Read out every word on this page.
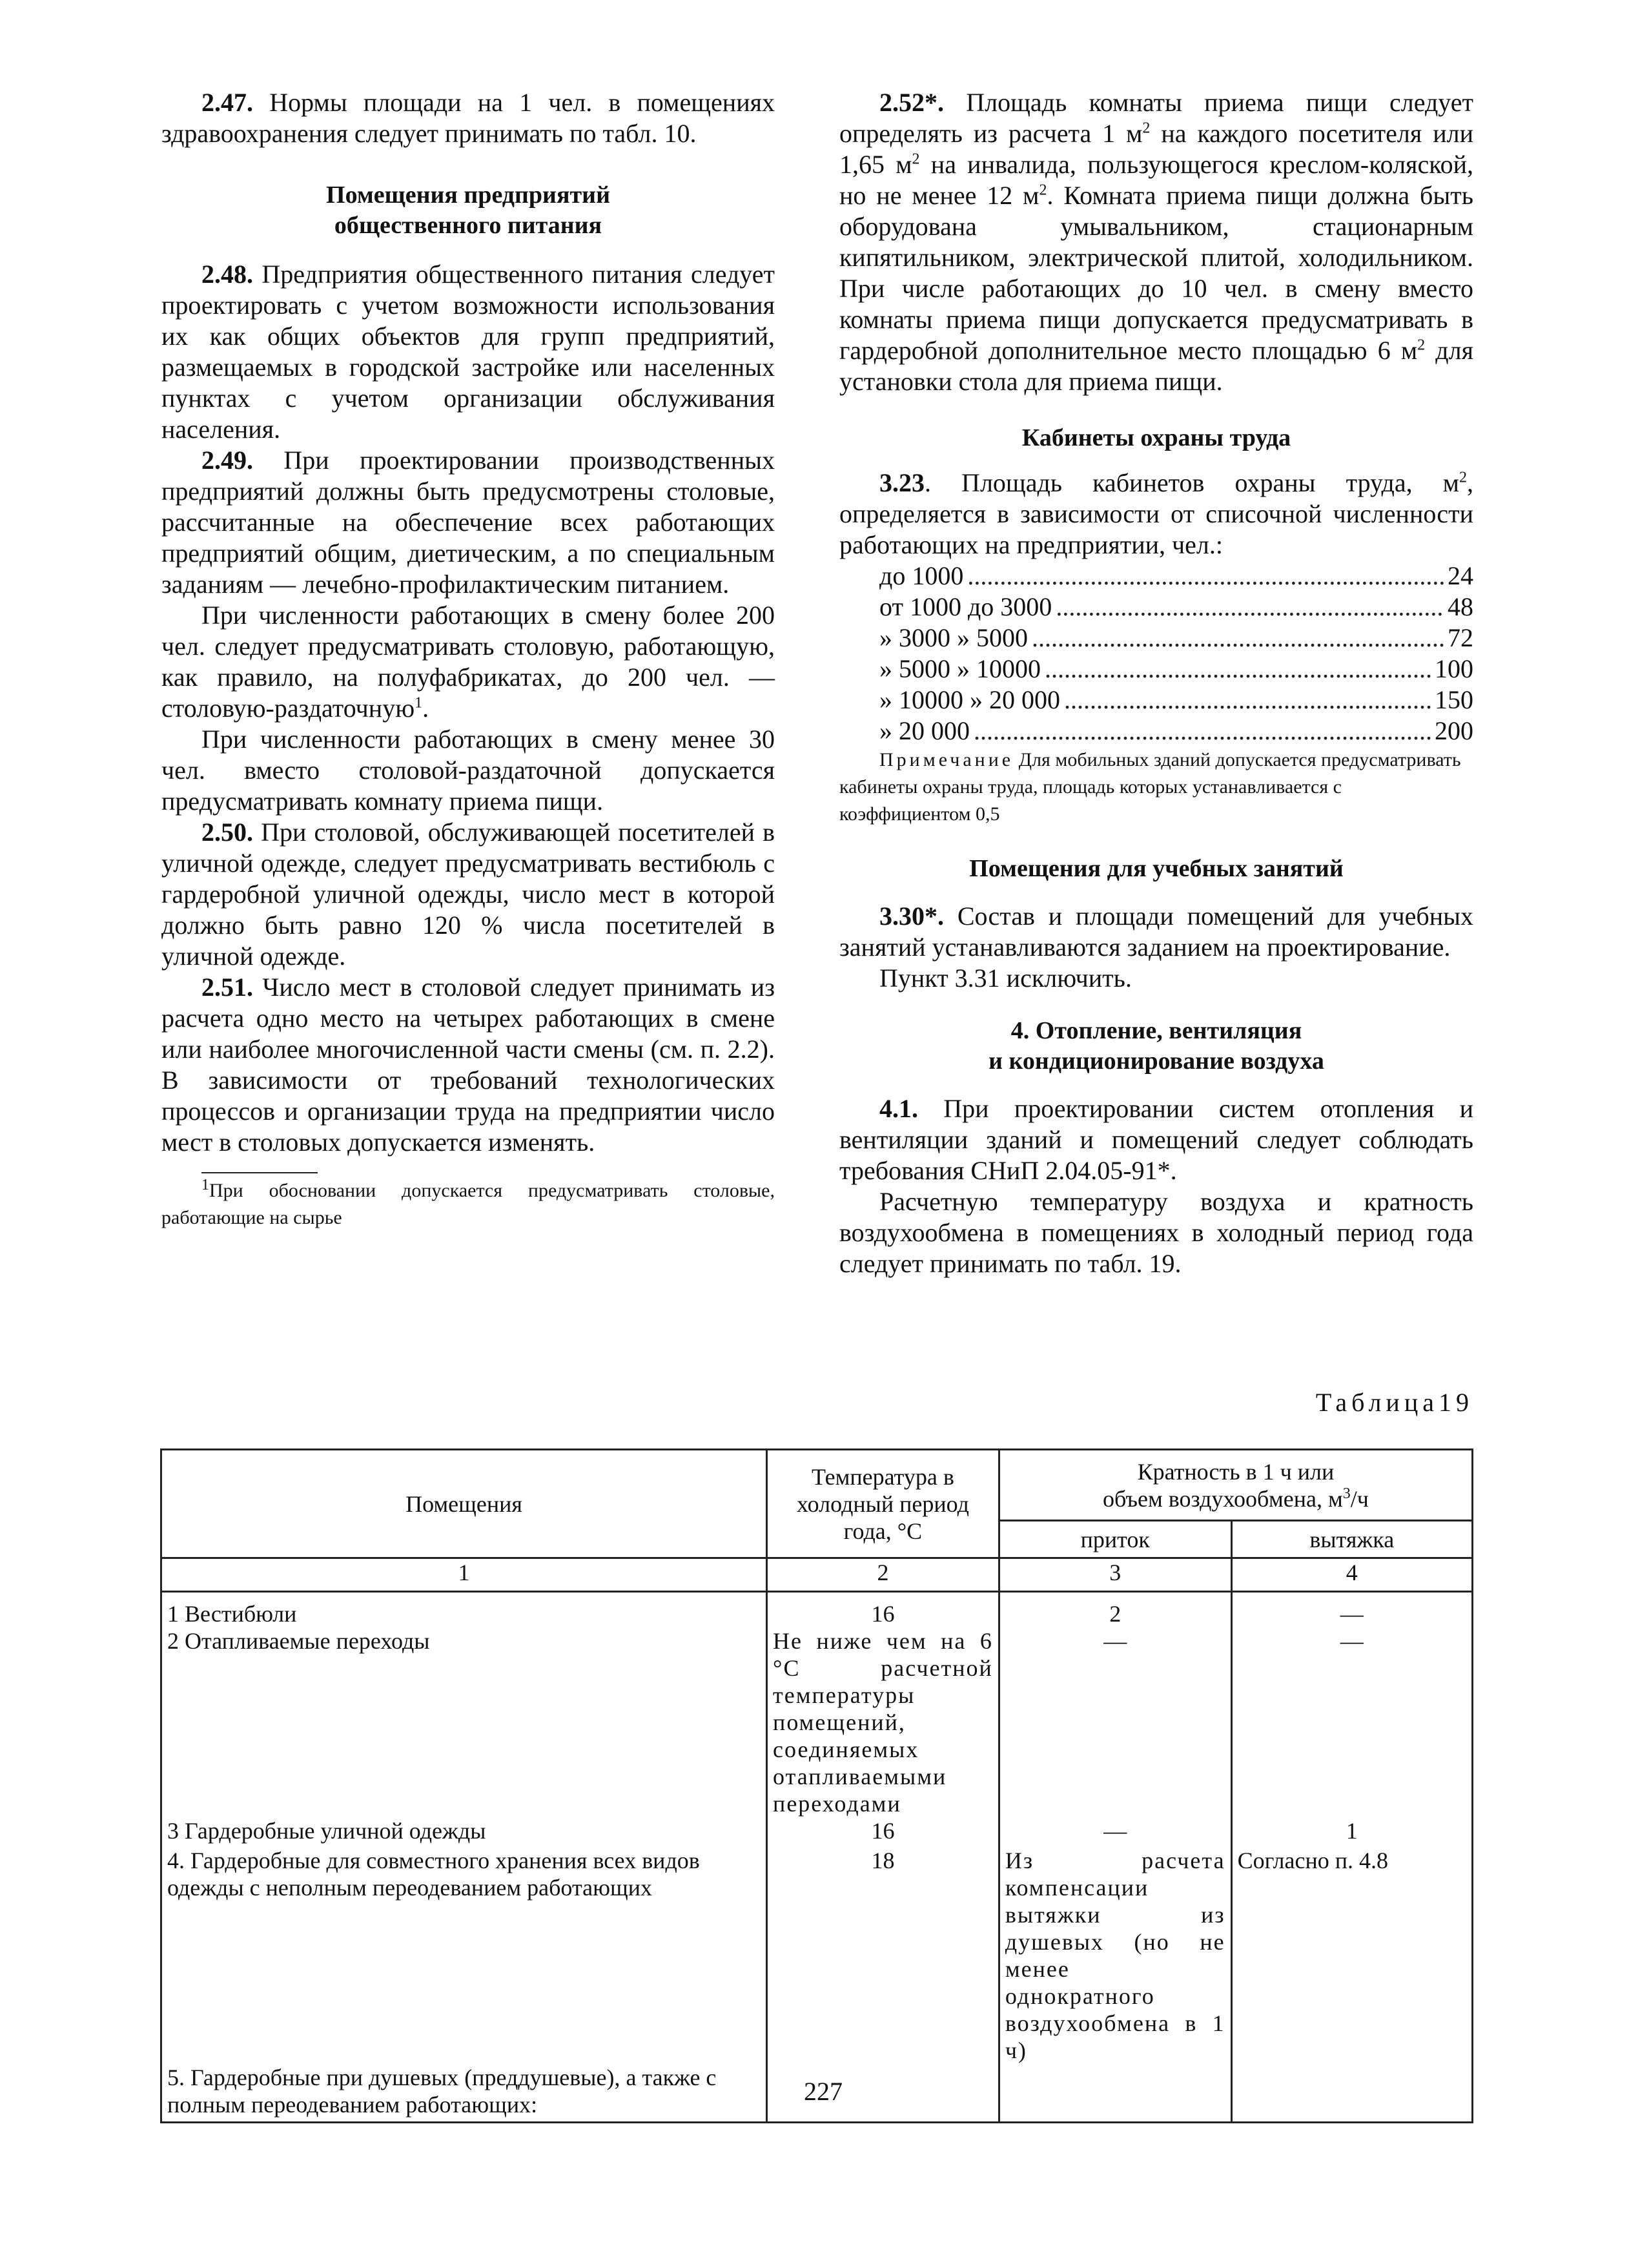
2.47. Нормы площади на 1 чел. в помещениях здравоохранения следует принимать по табл. 10.

Помещения предприятий
общественного питания

2.48. Предприятия общественного питания следует проектировать с учетом возможности использования их как общих объектов для групп предприятий, размещаемых в городской застройке или населенных пунктах с учетом организации обслуживания населения.

2.49. При проектировании производственных предприятий должны быть предусмотрены столовые, рассчитанные на обеспечение всех работающих предприятий общим, диетическим, а по специальным заданиям — лечебно-профилактическим питанием.

При численности работающих в смену более 200 чел. следует предусматривать столовую, работающую, как правило, на полуфабрикатах, до 200 чел. — столовую-раздаточную$^1$.

При численности работающих в смену менее 30 чел. вместо столовой-раздаточной допускается предусматривать комнату приема пищи.

2.50. При столовой, обслуживающей посетителей в уличной одежде, следует предусматривать вестибюль с гардеробной уличной одежды, число мест в которой должно быть равно 120 % числа посетителей в уличной одежде.

2.51. Число мест в столовой следует принимать из расчета одно место на четырех работающих в смене или наиболее многочисленной части смены (см. п. 2.2). В зависимости от требований технологических процессов и организации труда на предприятии число мест в столовых допускается изменять.

$^1$При обосновании допускается предусматривать столовые, работающие на сырье

2.52*. Площадь комнаты приема пищи следует определять из расчета 1 $м^2$ на каждого посетителя или 1,65 $м^2$ на инвалида, пользующегося креслом-коляской, но не менее 12 $м^2$. Комната приема пищи должна быть оборудована умывальником, стационарным кипятильником, электрической плитой, холодильником. При числе работающих до 10 чел. в смену вместо комнаты приема пищи допускается предусматривать в гардеробной дополнительное место площадью 6 $м^2$ для установки стола для приема пищи.

Кабинеты охраны труда

3.23. Площадь кабинетов охраны труда, $м^2$, определяется в зависимости от списочной численности работающих на предприятии, чел.:

до 1000 .....	24
от 1000 до 3000 .....	48
» 3000 » 5000 .....	72
» 5000 » 10000 .....	100
» 10000 » 20 000 .....	150
» 20 000 .....	200

Примечание Для мобильных зданий допускается предусматривать кабинеты охраны труда, площадь которых устанавливается с коэффициентом 0,5

Помещения для учебных занятий

3.30*. Состав и площади помещений для учебных занятий устанавливаются заданием на проектирование.

Пункт 3.31 исключить.

4. Отопление, вентиляция
и кондиционирование воздуха

4.1. При проектировании систем отопления и вентиляции зданий и помещений следует соблюдать требования СНиП 2.04.05-91*.

Расчетную температуру воздуха и кратность воздухообмена в помещениях в холодный период года следует принимать по табл. 19.

Таблица19
Помещения	Температура в холодный период года, °С	Кратность в 1 ч или
объем воздухообмена, $м^3/ч$	
		приток	вытяжка
1	2	3	4
1 Вестибюли	16	2	—
2 Отапливаемые переходы	Не ниже чем на 6 °С расчетной температуры помещений, соединяемых отапливаемыми переходами	—	—
3 Гардеробные уличной одежды	16	—	1
4. Гардеробные для совместного хранения всех видов одежды с неполным переодеванием работающих	18	Из расчета компенсации вытяжки из душевых (но не менее однократного воздухообмена в 1 ч)	Согласно п. 4.8
5. Гардеробные при душевых (преддушевые), а также с полным переодеванием работающих:				227
